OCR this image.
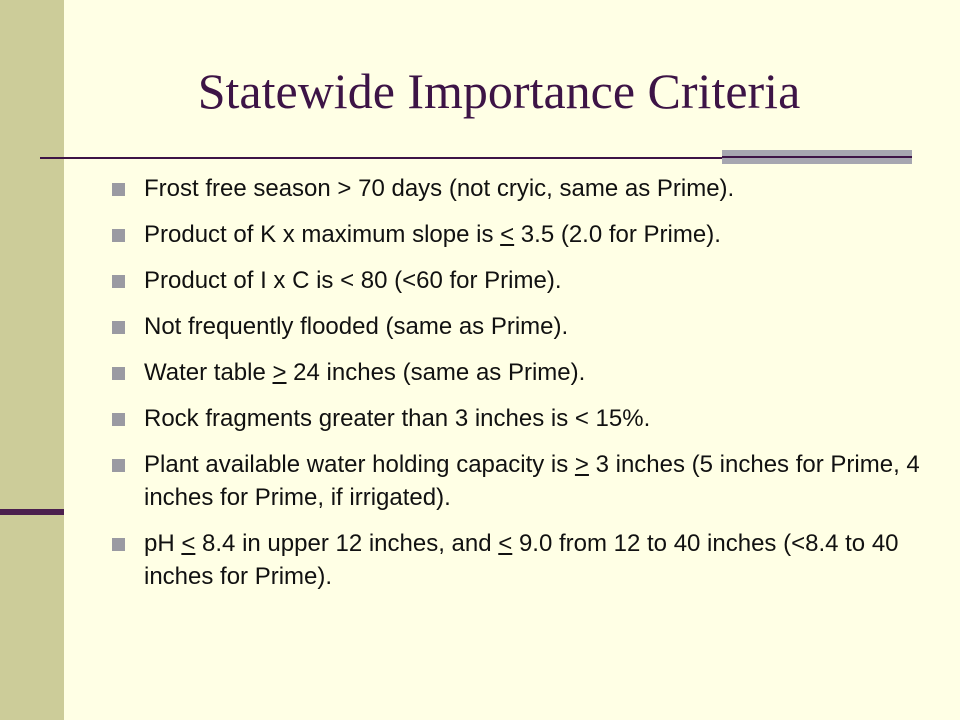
Statewide Importance Criteria
Frost free season > 70 days (not cryic, same as Prime).
Product of K x maximum slope is < 3.5 (2.0 for Prime).
Product of I x C is < 80 (<60 for Prime).
Not frequently flooded (same as Prime).
Water table > 24 inches (same as Prime).
Rock fragments greater than 3 inches is < 15%.
Plant available water holding capacity is > 3 inches (5 inches for Prime, 4 inches for Prime, if irrigated).
pH < 8.4 in upper 12 inches, and < 9.0 from 12 to 40 inches (<8.4 to 40 inches for Prime).
